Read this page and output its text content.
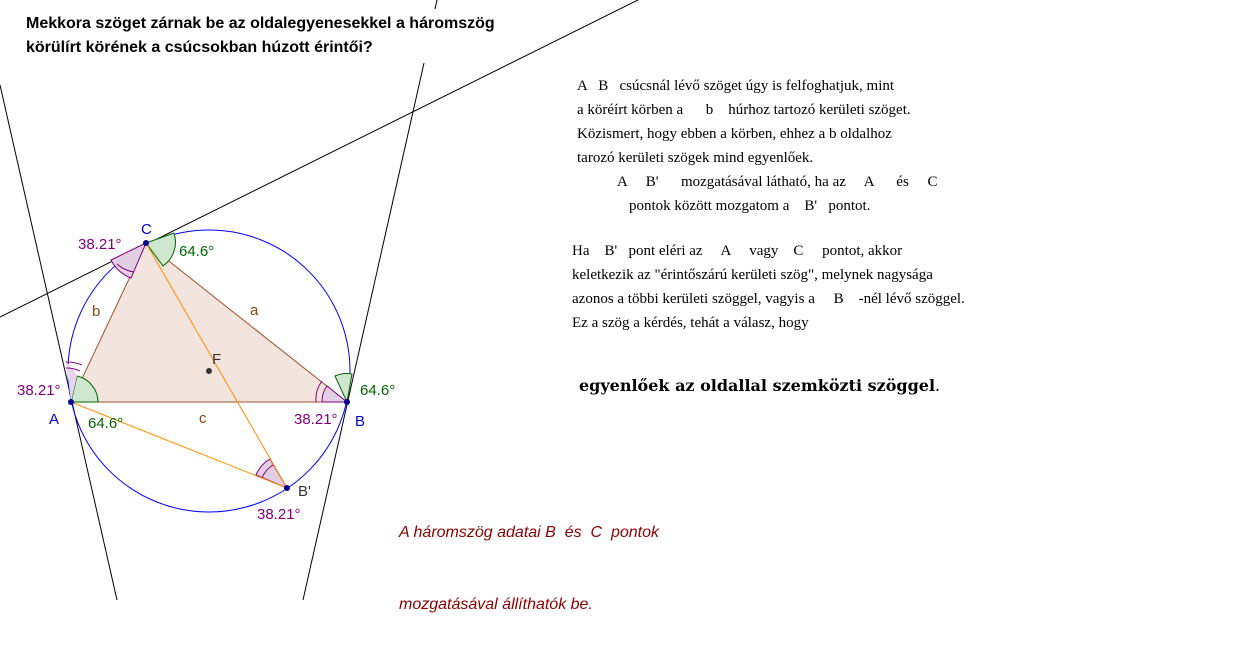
C
A	B
B'
F
a
b
c
38.21°	64.6°
38.21°
64.6°	38.21°
64.6°
38.21°
Mekkora szöget zárnak be az oldalegyenesekkel a háromszög
körülírt körének a csúcsokban húzott érintői?
A   B   csúcsnál lévő szöget úgy is felfoghatjuk, mint
a köréírt körben a      b    húrhoz tartozó kerületi szöget.
Közismert, hogy ebben a körben, ehhez a b oldalhoz
tarozó kerületi szögek mind egyenlőek.
A     B'      mozgatásával látható, ha az     A      és     C
pontok között mozgatom a    B'   pontot.
Ha    B'   pont eléri az     A     vagy    C     pontot, akkor
keletkezik az "érintőszárú kerületi szög", melynek nagysága
azonos a többi kerületi szöggel, vagyis a     B    -nél lévő szöggel.
Ez a szög a kérdés, tehát a válasz, hogy
egyenlőek az oldallal szemközti szöggel.

A háromszög adatai B  és  C  pontok

mozgatásával állíthatók be.
